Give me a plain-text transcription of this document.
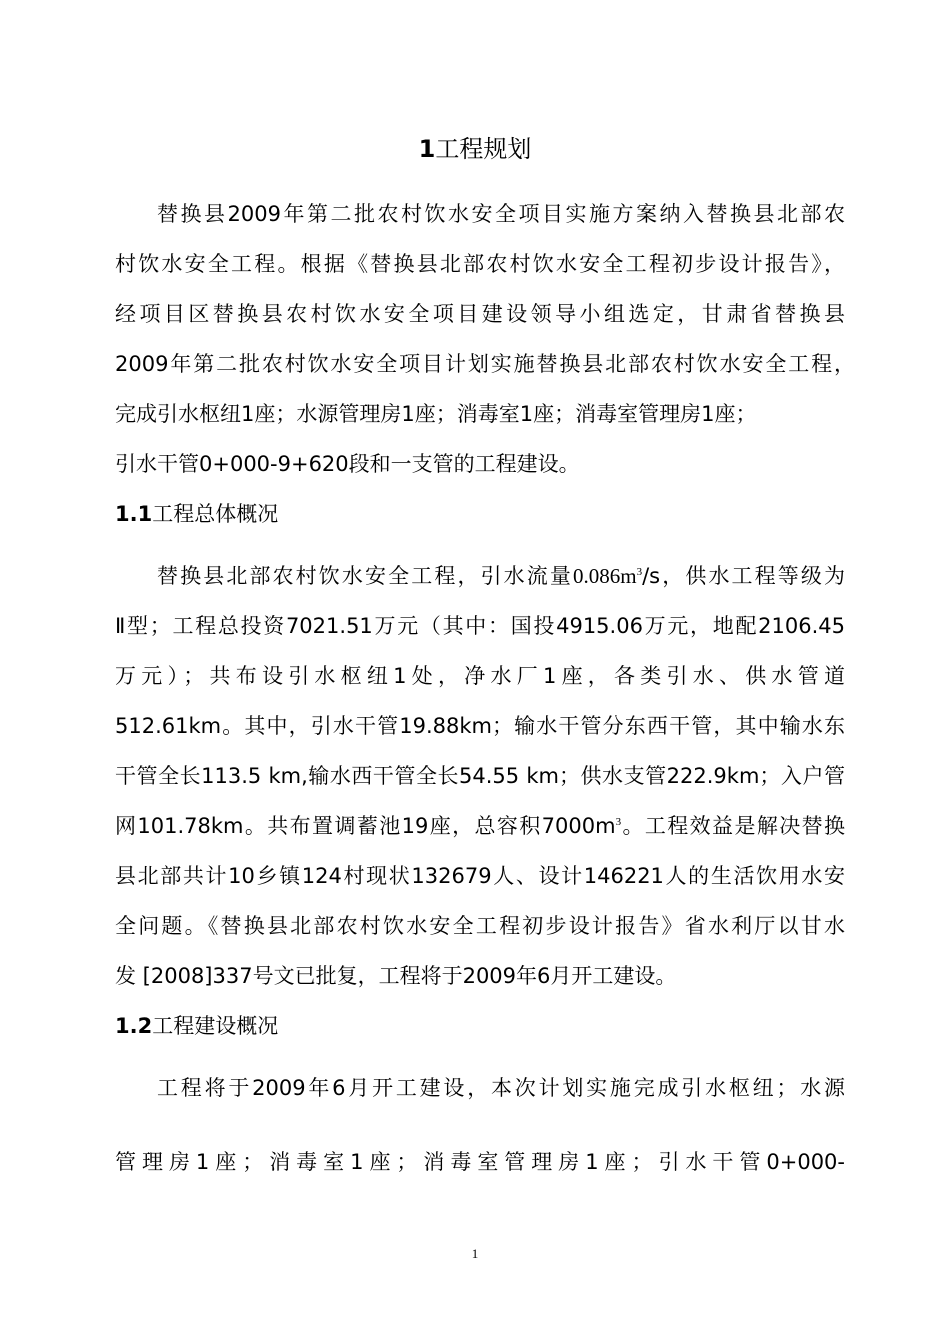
1工程规划
替换县2009年第二批农村饮水安全项目实施方案纳入替换县北部农
村饮水安全工程。根据《替换县北部农村饮水安全工程初步设计报告》，
经项目区替换县农村饮水安全项目建设领导小组选定，甘肃省替换县
2009年第二批农村饮水安全项目计划实施替换县北部农村饮水安全工程，
完成引水枢纽1座；水源管理房1座；消毒室1座；消毒室管理房1座；
引水干管0+000-9+620段和一支管的工程建设。
1.1工程总体概况
替换县北部农村饮水安全工程，引水流量$0.086m^3/s$，供水工程等级为
Ⅱ型；工程总投资7021.51万元（其中：国投4915.06万元，地配2106.45
万元）；共布设引水枢纽1处，净水厂1座，各类引水、供水管道
512.61km。其中，引水干管19.88km；输水干管分东西干管，其中输水东
干管全长113.5 km,输水西干管全长54.55 km；供水支管222.9km；入户管
网101.78km。共布置调蓄池19座，总容积$7000m^3$。工程效益是解决替换
县北部共计10乡镇124村现状132679人、设计146221人的生活饮用水安
全问题。《替换县北部农村饮水安全工程初步设计报告》省水利厅以甘水
发 [2008]337号文已批复，工程将于2009年6月开工建设。
1.2工程建设概况
工程将于2009年6月开工建设，本次计划实施完成引水枢纽；水源
管理房1座；消毒室1座；消毒室管理房1座；引水干管0+000-
1
